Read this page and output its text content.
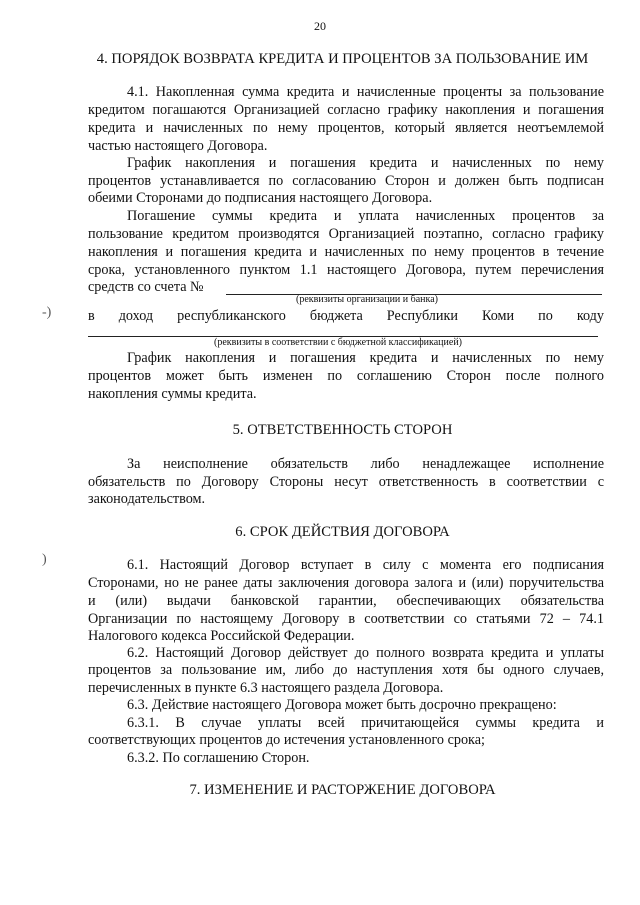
20
‐)
)
4. ПОРЯДОК ВОЗВРАТА КРЕДИТА И ПРОЦЕНТОВ ЗА ПОЛЬЗОВАНИЕ ИМ
4.1. Накопленная сумма кредита и начисленные проценты за пользование
кредитом погашаются Организацией согласно графику накопления и погашения
кредита и начисленных по нему процентов, который является неотъемлемой
частью настоящего Договора.
График накопления и погашения кредита и начисленных по нему
процентов устанавливается по согласованию Сторон и должен быть подписан
обеими Сторонами до подписания настоящего Договора.
Погашение суммы кредита и уплата начисленных процентов за
пользование кредитом производятся Организацией поэтапно, согласно графику
накопления и погашения кредита и начисленных по нему процентов в течение
срока, установленного пунктом 1.1 настоящего Договора, путем перечисления
средств со счета №
(реквизиты организации и банка)
в доход республиканского бюджета Республики Коми по коду
(реквизиты в соответствии с бюджетной классификацией)
График накопления и погашения кредита и начисленных по нему
процентов может быть изменен по соглашению Сторон после полного
накопления суммы кредита.
5. ОТВЕТСТВЕННОСТЬ СТОРОН
За неисполнение обязательств либо ненадлежащее исполнение
обязательств по Договору Стороны несут ответственность в соответствии с
законодательством.
6. СРОК ДЕЙСТВИЯ ДОГОВОРА
6.1. Настоящий Договор вступает в силу с момента его подписания
Сторонами, но не ранее даты заключения договора залога и (или) поручительства
и (или) выдачи банковской гарантии, обеспечивающих обязательства
Организации по настоящему Договору в соответствии со статьями 72 – 74.1
Налогового кодекса Российской Федерации.
6.2. Настоящий Договор действует до полного возврата кредита и уплаты
процентов за пользование им, либо до наступления хотя бы одного случаев,
перечисленных в пункте 6.3 настоящего раздела Договора.
6.3. Действие настоящего Договора может быть досрочно прекращено:
6.3.1. В случае уплаты всей причитающейся суммы кредита и
соответствующих процентов до истечения установленного срока;
6.3.2. По соглашению Сторон.
7. ИЗМЕНЕНИЕ И РАСТОРЖЕНИЕ ДОГОВОРА
